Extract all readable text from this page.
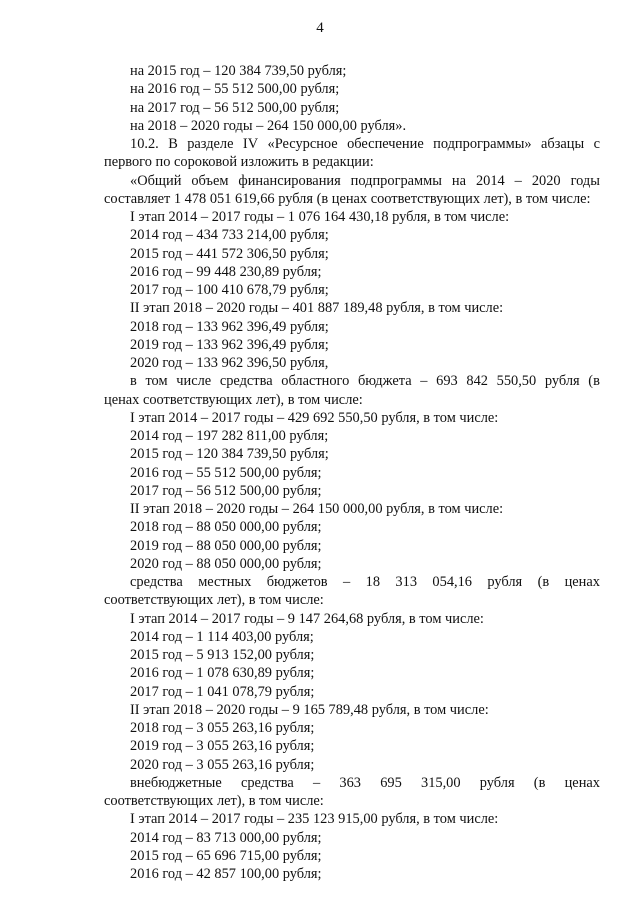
4
на 2015 год – 120 384 739,50 рубля;
на 2016 год – 55 512 500,00 рубля;
на 2017 год – 56 512 500,00 рубля;
на 2018 – 2020 годы – 264 150 000,00 рубля».
10.2. В разделе IV «Ресурсное обеспечение подпрограммы» абзацы с
первого по сороковой изложить в редакции:
«Общий объем финансирования подпрограммы на 2014 – 2020 годы
составляет 1 478 051 619,66 рубля (в ценах соответствующих лет), в том числе:
I этап 2014 – 2017 годы – 1 076 164 430,18 рубля, в том числе:
2014 год – 434 733 214,00 рубля;
2015 год – 441 572 306,50 рубля;
2016 год – 99 448 230,89 рубля;
2017 год – 100 410 678,79 рубля;
II этап 2018 – 2020 годы – 401 887 189,48 рубля, в том числе:
2018 год – 133 962 396,49 рубля;
2019 год – 133 962 396,49 рубля;
2020 год – 133 962 396,50 рубля,
в том числе средства областного бюджета – 693 842 550,50 рубля (в
ценах соответствующих лет), в том числе:
I этап 2014 – 2017 годы – 429 692 550,50 рубля, в том числе:
2014 год – 197 282 811,00 рубля;
2015 год – 120 384 739,50 рубля;
2016 год – 55 512 500,00 рубля;
2017 год – 56 512 500,00 рубля;
II этап 2018 – 2020 годы – 264 150 000,00 рубля, в том числе:
2018 год – 88 050 000,00 рубля;
2019 год – 88 050 000,00 рубля;
2020 год – 88 050 000,00 рубля;
средства местных бюджетов – 18 313 054,16 рубля (в ценах
соответствующих лет), в том числе:
I этап 2014 – 2017 годы – 9 147 264,68 рубля, в том числе:
2014 год – 1 114 403,00 рубля;
2015 год – 5 913 152,00 рубля;
2016 год – 1 078 630,89 рубля;
2017 год – 1 041 078,79 рубля;
II этап 2018 – 2020 годы – 9 165 789,48 рубля, в том числе:
2018 год – 3 055 263,16 рубля;
2019 год – 3 055 263,16 рубля;
2020 год – 3 055 263,16 рубля;
внебюджетные средства – 363 695 315,00 рубля (в ценах
соответствующих лет), в том числе:
I этап 2014 – 2017 годы – 235 123 915,00 рубля, в том числе:
2014 год – 83 713 000,00 рубля;
2015 год – 65 696 715,00 рубля;
2016 год – 42 857 100,00 рубля;
